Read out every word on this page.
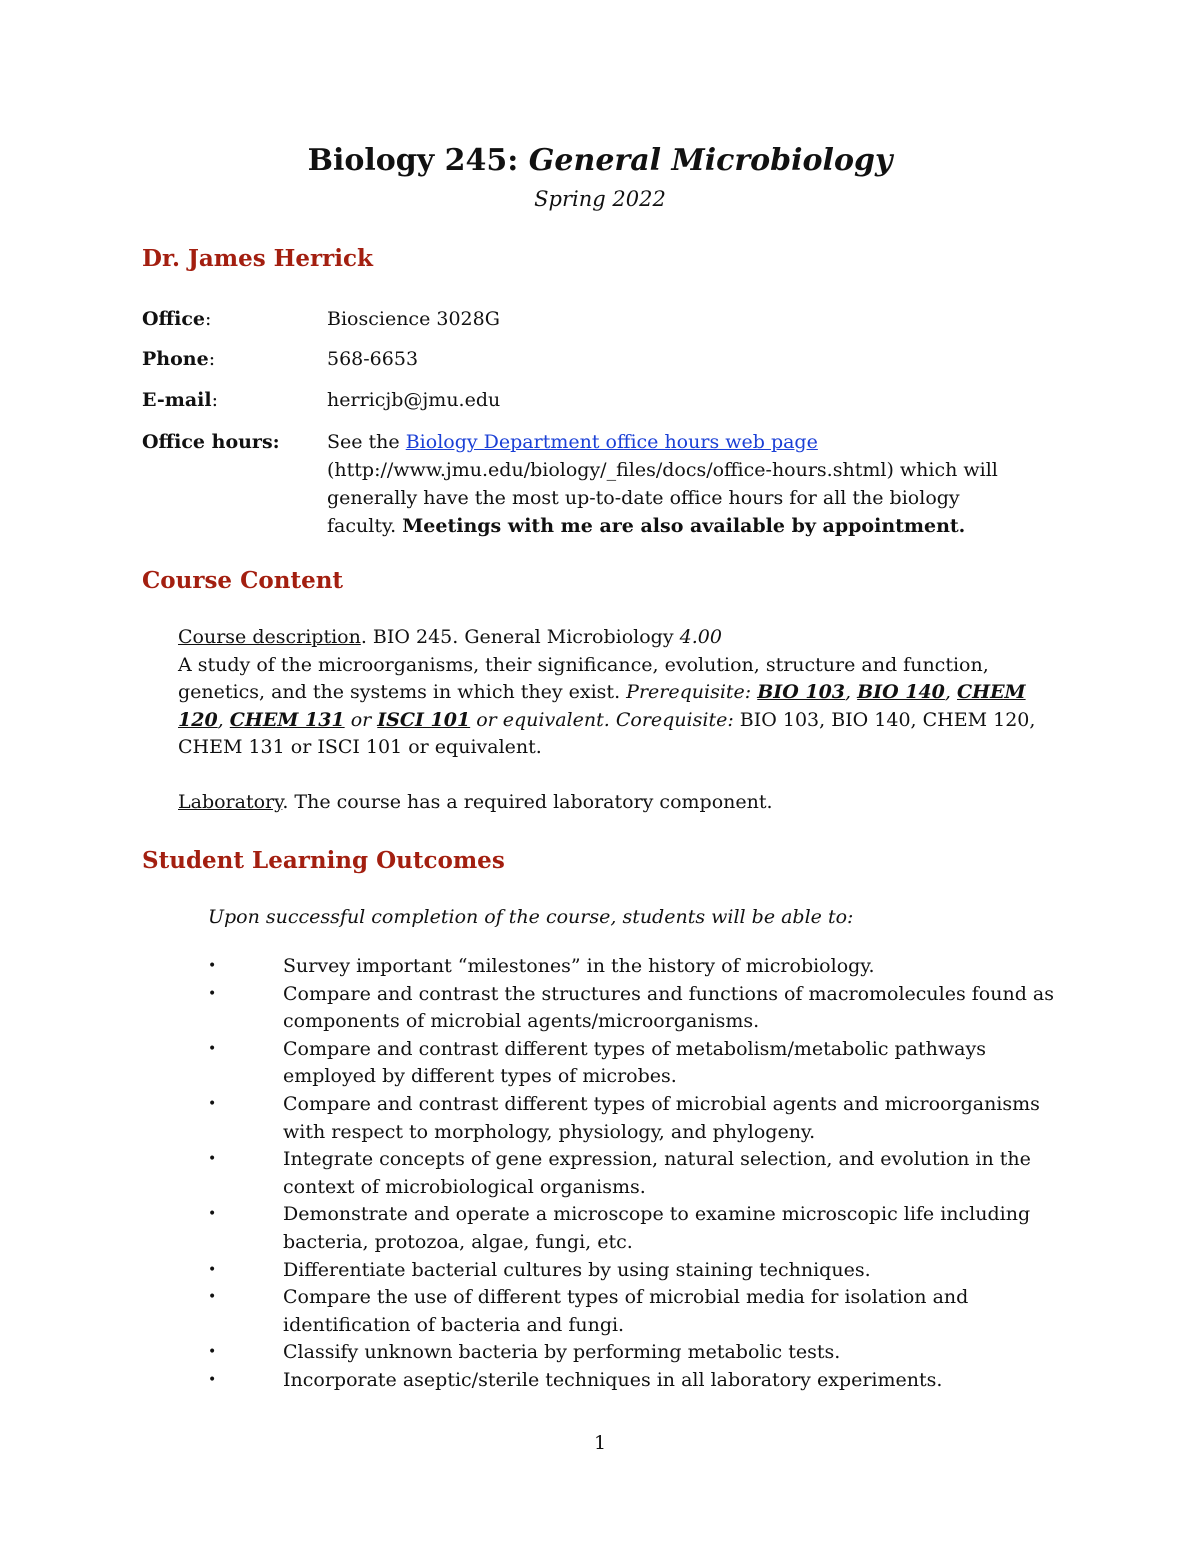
Biology 245: General Microbiology
Spring 2022
Dr. James Herrick
Office:	Bioscience 3028G
Phone:	568-6653
E-mail:	herricjb@jmu.edu
Office hours:	See the Biology Department office hours web page (http://www.jmu.edu/biology/_files/docs/office-hours.shtml) which will generally have the most up-to-date office hours for all the biology faculty. Meetings with me are also available by appointment.
Course Content
Course description. BIO 245. General Microbiology 4.00
A study of the microorganisms, their significance, evolution, structure and function, genetics, and the systems in which they exist. Prerequisite: BIO 103, BIO 140, CHEM 120, CHEM 131 or ISCI 101 or equivalent. Corequisite: BIO 103, BIO 140, CHEM 120, CHEM 131 or ISCI 101 or equivalent.
Laboratory. The course has a required laboratory component.
Student Learning Outcomes
Upon successful completion of the course, students will be able to:
•	Survey important “milestones” in the history of microbiology.
•	Compare and contrast the structures and functions of macromolecules found as components of microbial agents/microorganisms.
•	Compare and contrast different types of metabolism/metabolic pathways employed by different types of microbes.
•	Compare and contrast different types of microbial agents and microorganisms with respect to morphology, physiology, and phylogeny.
•	Integrate concepts of gene expression, natural selection, and evolution in the context of microbiological organisms.
•	Demonstrate and operate a microscope to examine microscopic life including bacteria, protozoa, algae, fungi, etc.
•	Differentiate bacterial cultures by using staining techniques.
•	Compare the use of different types of microbial media for isolation and identification of bacteria and fungi.
•	Classify unknown bacteria by performing metabolic tests.
•	Incorporate aseptic/sterile techniques in all laboratory experiments.
1
